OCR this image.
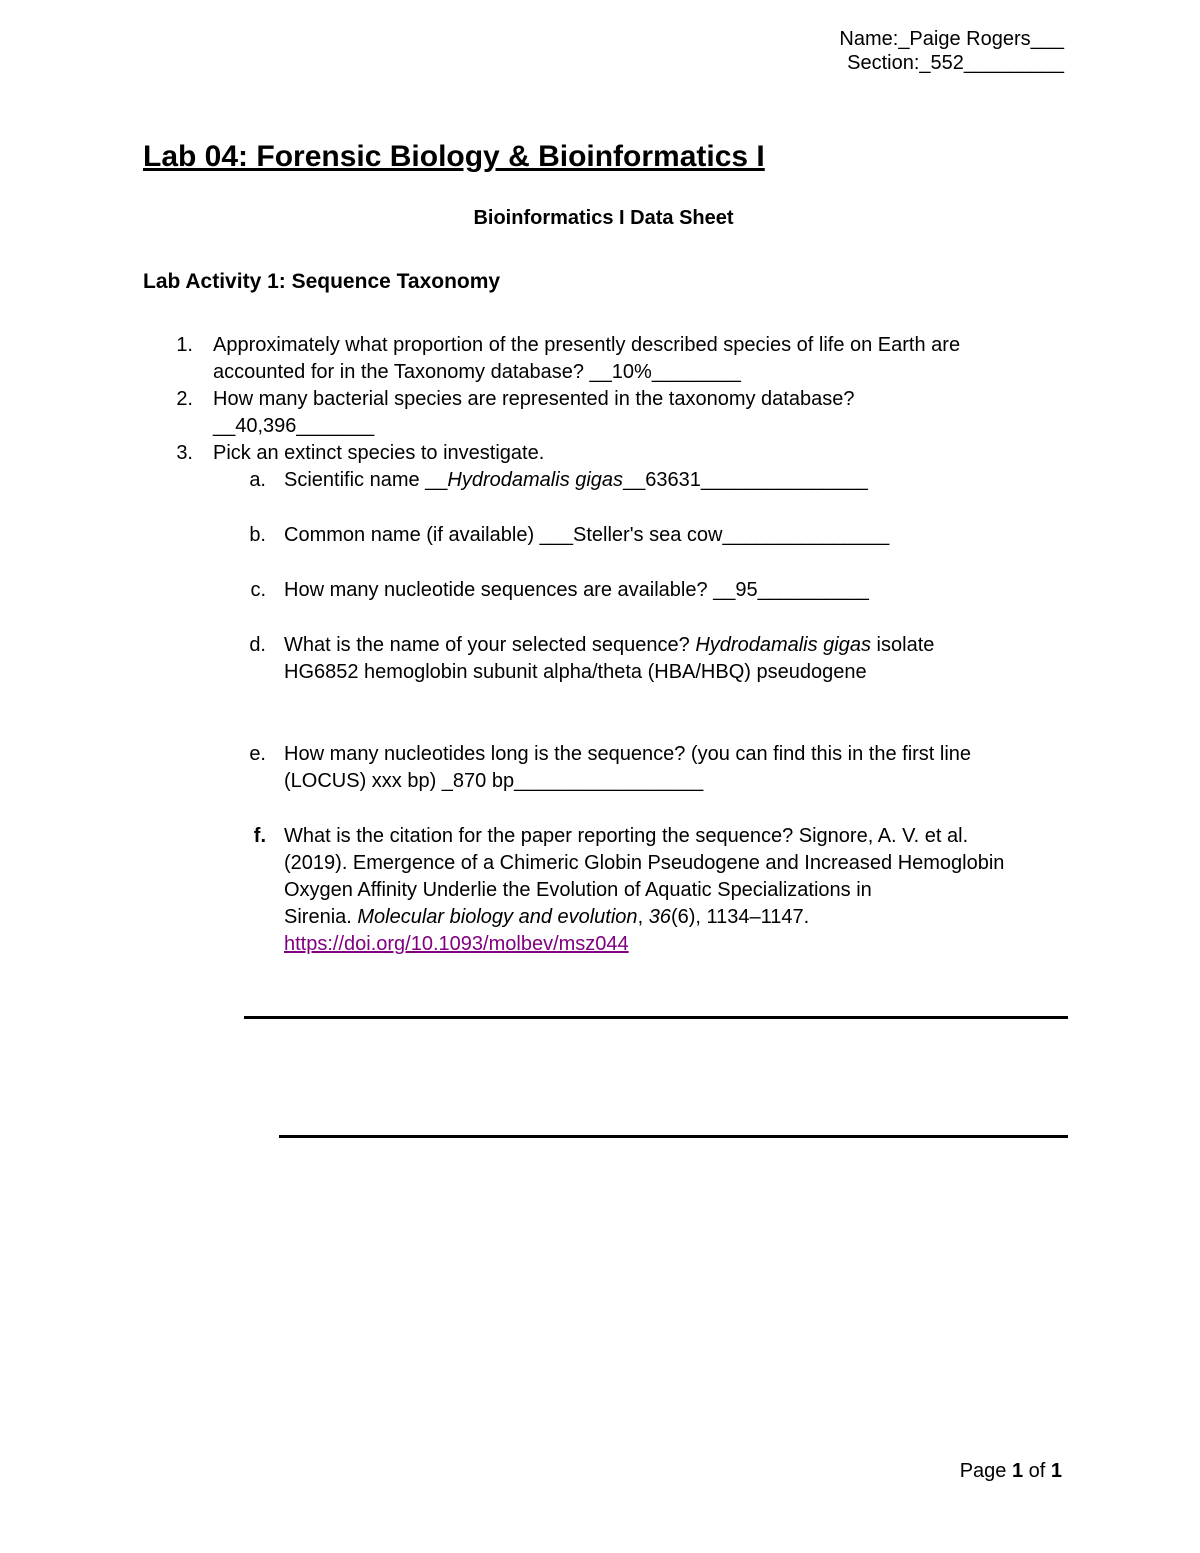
Name:_Paige Rogers___
Section:_552_________
Lab 04: Forensic Biology & Bioinformatics I
Bioinformatics I Data Sheet
Lab Activity 1: Sequence Taxonomy
1. Approximately what proportion of the presently described species of life on Earth are
accounted for in the Taxonomy database? __10%________
2. How many bacterial species are represented in the taxonomy database?
__40,396_______
3. Pick an extinct species to investigate.
a. Scientific name __Hydrodamalis gigas__63631_______________
b. Common name (if available) ___Steller's sea cow_______________
c. How many nucleotide sequences are available? __95__________
d. What is the name of your selected sequence? Hydrodamalis gigas isolate
HG6852 hemoglobin subunit alpha/theta (HBA/HBQ) pseudogene
e. How many nucleotides long is the sequence? (you can find this in the first line
(LOCUS) xxx bp) _870 bp_________________
f. What is the citation for the paper reporting the sequence? Signore, A. V. et al.
(2019). Emergence of a Chimeric Globin Pseudogene and Increased Hemoglobin
Oxygen Affinity Underlie the Evolution of Aquatic Specializations in
Sirenia. Molecular biology and evolution, 36(6), 1134–1147.
https://doi.org/10.1093/molbev/msz044
Page 1 of 1
